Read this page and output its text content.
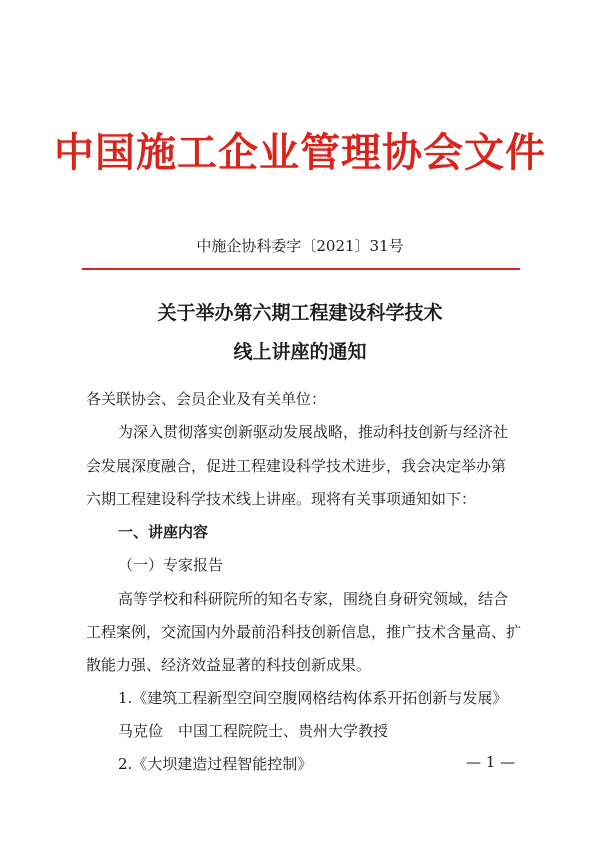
中国施工企业管理协会文件
中施企协科委字〔2021〕31号
关于举办第六期工程建设科学技术
线上讲座的通知
各关联协会、会员企业及有关单位：
为深入贯彻落实创新驱动发展战略，推动科技创新与经济社
会发展深度融合，促进工程建设科学技术进步，我会决定举办第
六期工程建设科学技术线上讲座。现将有关事项通知如下：
一、讲座内容
（一）专家报告
高等学校和科研院所的知名专家，围绕自身研究领域，结合
工程案例，交流国内外最前沿科技创新信息，推广技术含量高、扩
散能力强、经济效益显著的科技创新成果。
1.《建筑工程新型空间空腹网格结构体系开拓创新与发展》
马克俭　中国工程院院士、贵州大学教授
2.《大坝建造过程智能控制》	— 1 —
